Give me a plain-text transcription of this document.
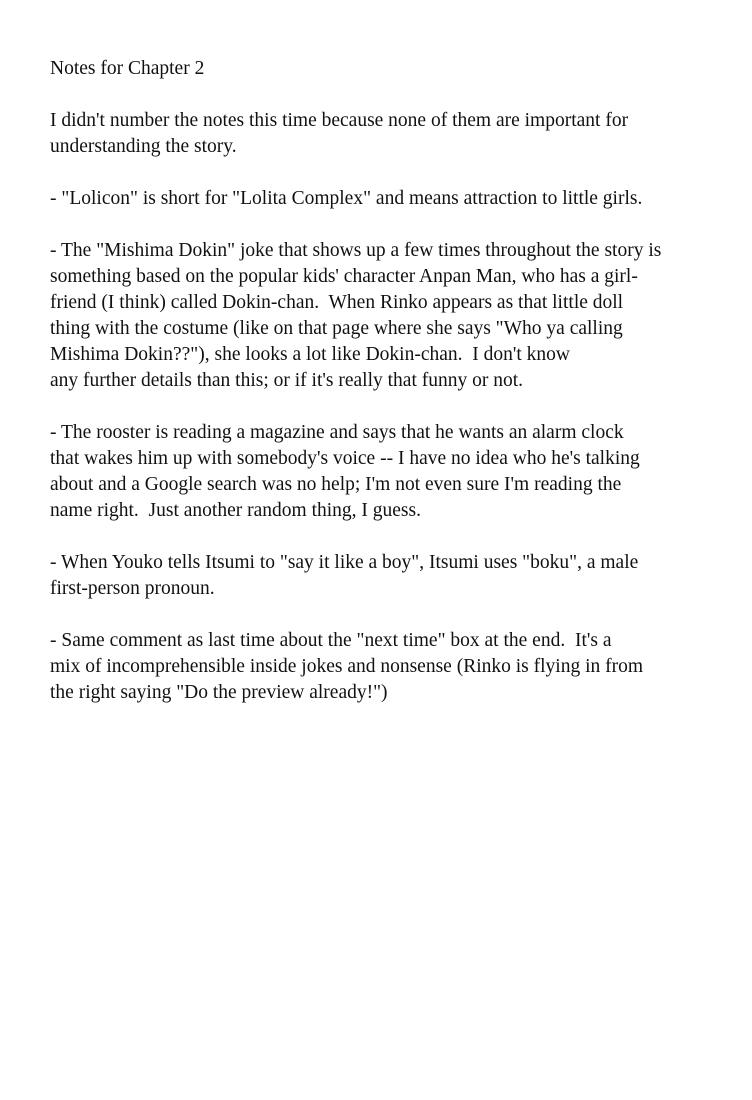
Notes for Chapter 2
I didn't number the notes this time because none of them are important for
understanding the story.
- "Lolicon" is short for "Lolita Complex" and means attraction to little girls.
- The "Mishima Dokin" joke that shows up a few times throughout the story is
something based on the popular kids' character Anpan Man, who has a girl-
friend (I think) called Dokin-chan.  When Rinko appears as that little doll
thing with the costume (like on that page where she says "Who ya calling
Mishima Dokin??"), she looks a lot like Dokin-chan.  I don't know
any further details than this; or if it's really that funny or not.
- The rooster is reading a magazine and says that he wants an alarm clock
that wakes him up with somebody's voice -- I have no idea who he's talking
about and a Google search was no help; I'm not even sure I'm reading the
name right.  Just another random thing, I guess.
- When Youko tells Itsumi to "say it like a boy", Itsumi uses "boku", a male
first-person pronoun.
- Same comment as last time about the "next time" box at the end.  It's a
mix of incomprehensible inside jokes and nonsense (Rinko is flying in from
the right saying "Do the preview already!")
